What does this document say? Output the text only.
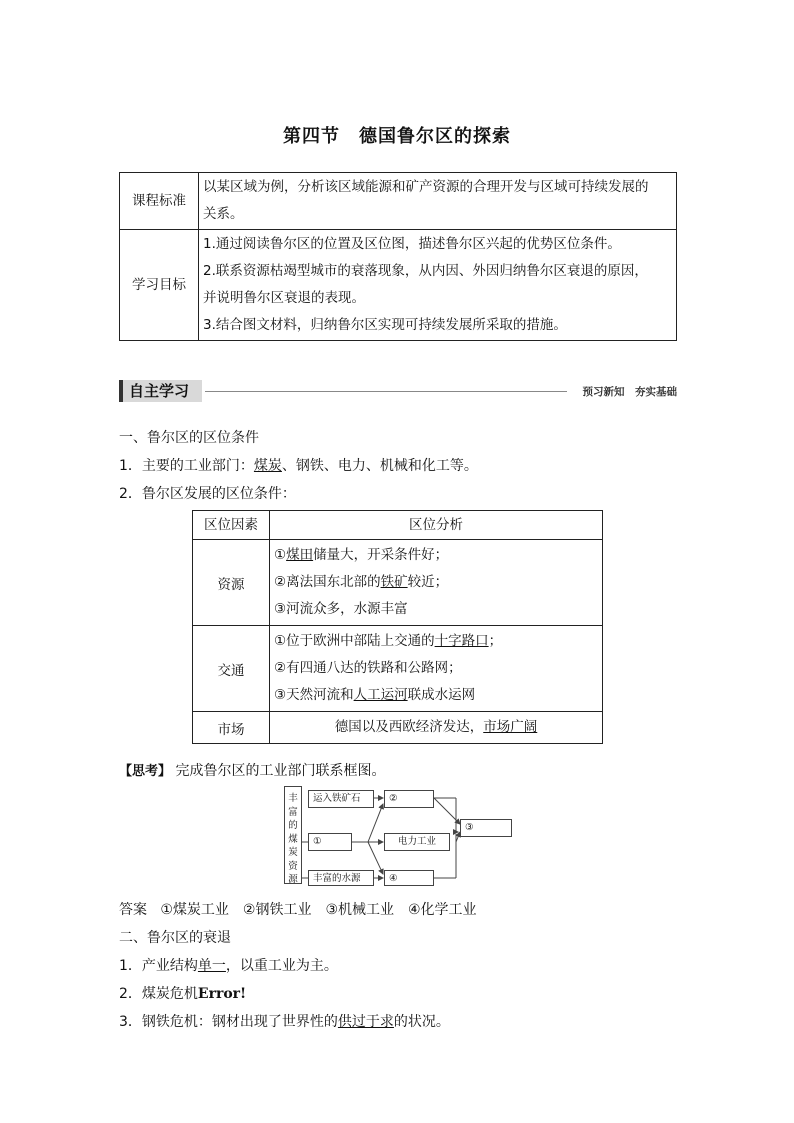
第四节　德国鲁尔区的探索
课程标准	以某区域为例，分析该区域能源和矿产资源的合理开发与区域可持续发展的
关系。

学习目标	1.通过阅读鲁尔区的位置及区位图，描述鲁尔区兴起的优势区位条件。
2.联系资源枯竭型城市的衰落现象，从内因、外因归纳鲁尔区衰退的原因，
并说明鲁尔区衰退的表现。
3.结合图文材料，归纳鲁尔区实现可持续发展所采取的措施。
自主学习	预习新知　夯实基础
一、鲁尔区的区位条件
1．主要的工业部门：煤炭、钢铁、电力、机械和化工等。
2．鲁尔区发展的区位条件：
区位因素	区位分析
资源	①煤田储量大，开采条件好；
②离法国东北部的铁矿较近；
③河流众多，水源丰富

交通	①位于欧洲中部陆上交通的十字路口；
②有四通八达的铁路和公路网；
③天然河流和人工运河联成水运网

市场	德国以及西欧经济发达，市场广阔
【思考】 完成鲁尔区的工业部门联系框图。
丰富的煤炭资源
运入铁矿石	②
①	电力工业
③
丰富的水源	④
答案 ①煤炭工业　②钢铁工业　③机械工业　④化学工业
二、鲁尔区的衰退
1．产业结构单一，以重工业为主。
2．煤炭危机Error!
3．钢铁危机：钢材出现了世界性的供过于求的状况。
